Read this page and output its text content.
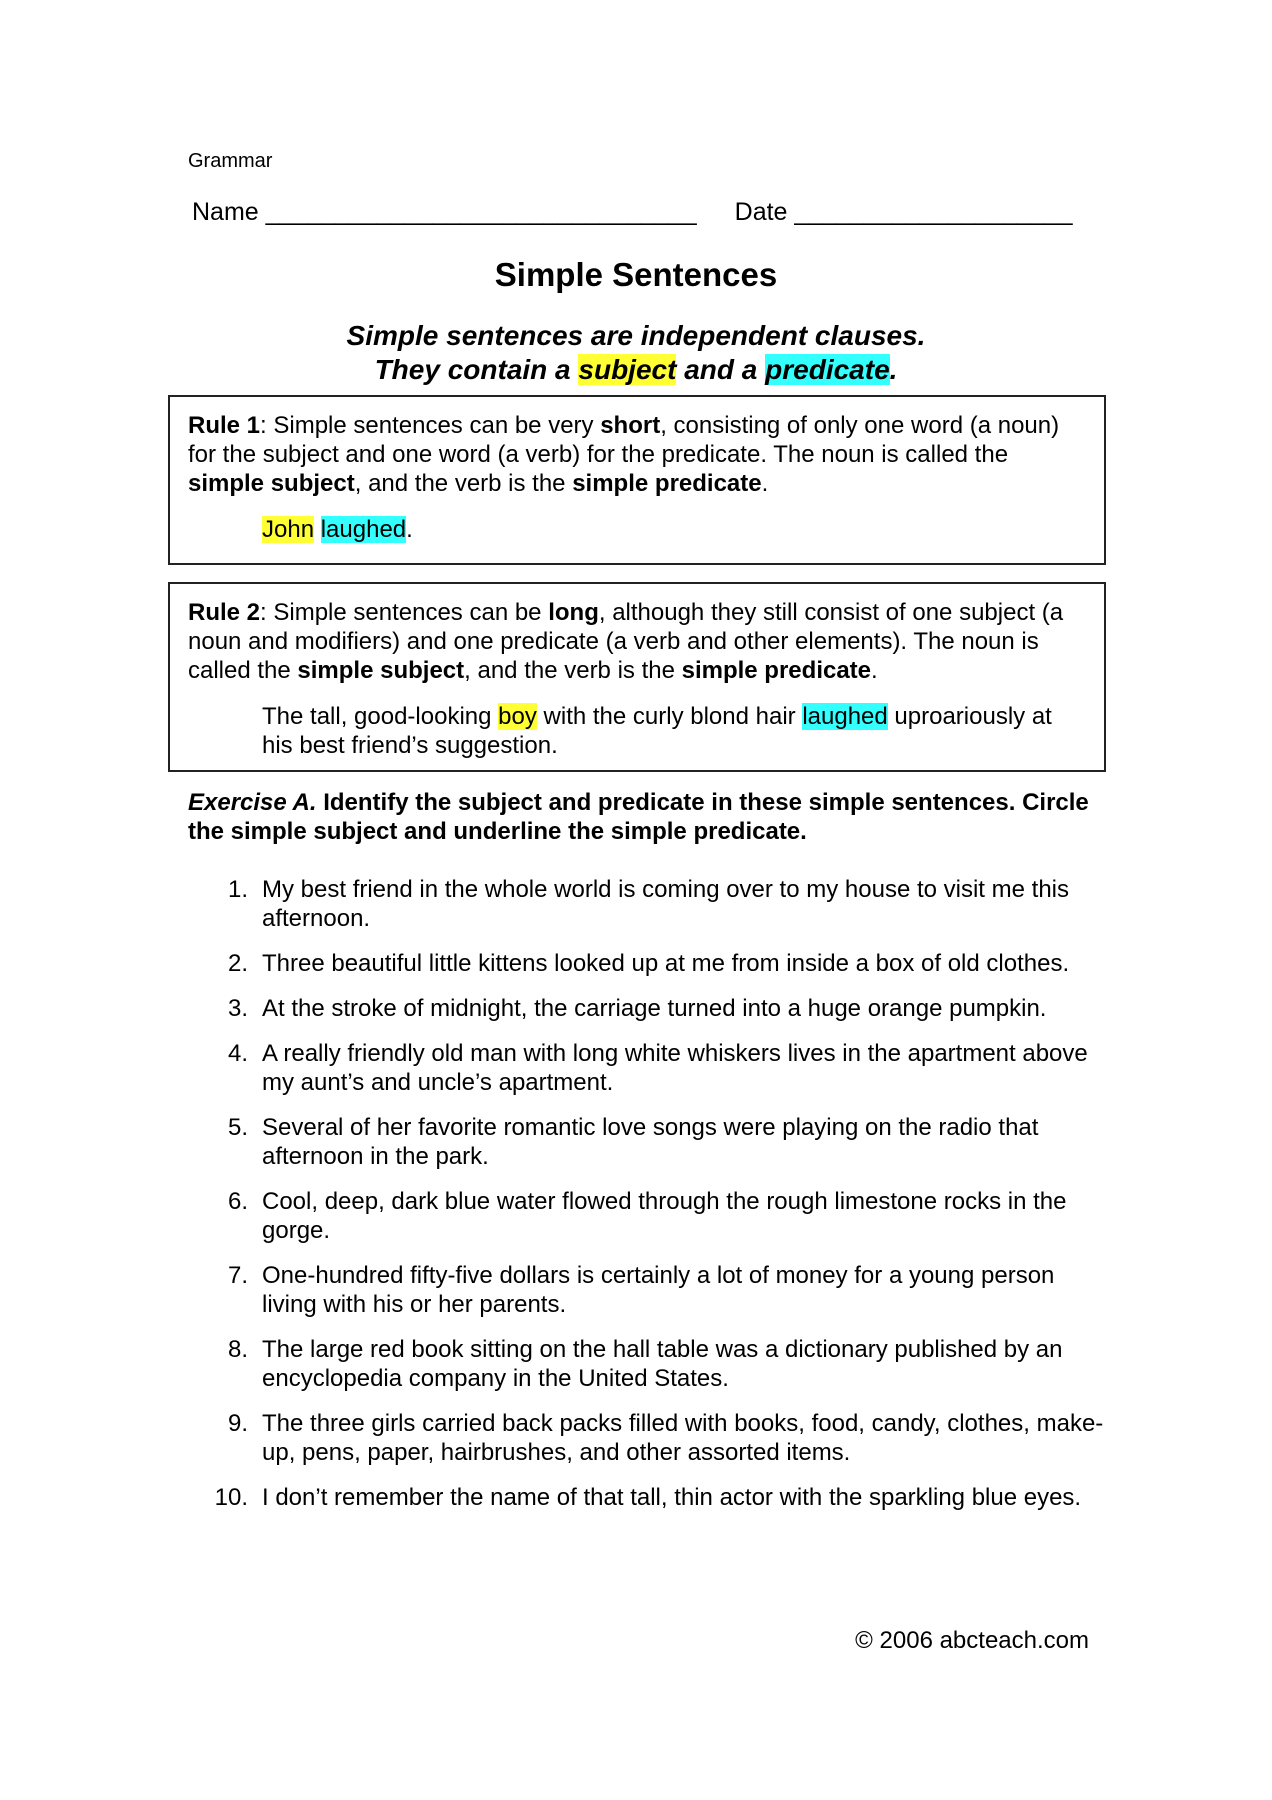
Grammar
Name _______________________________ Date ____________________
Simple Sentences
Simple sentences are independent clauses.
They contain a subject and a predicate.
Rule 1: Simple sentences can be very short, consisting of only one word (a noun) for the subject and one word (a verb) for the predicate. The noun is called the simple subject, and the verb is the simple predicate.
John laughed.
Rule 2: Simple sentences can be long, although they still consist of one subject (a noun and modifiers) and one predicate (a verb and other elements). The noun is called the simple subject, and the verb is the simple predicate.
The tall, good-looking boy with the curly blond hair laughed uproariously at his best friend’s suggestion.
Exercise A. Identify the subject and predicate in these simple sentences. Circle the simple subject and underline the simple predicate.
1. My best friend in the whole world is coming over to my house to visit me this afternoon.
2. Three beautiful little kittens looked up at me from inside a box of old clothes.
3. At the stroke of midnight, the carriage turned into a huge orange pumpkin.
4. A really friendly old man with long white whiskers lives in the apartment above my aunt’s and uncle’s apartment.
5. Several of her favorite romantic love songs were playing on the radio that afternoon in the park.
6. Cool, deep, dark blue water flowed through the rough limestone rocks in the gorge.
7. One-hundred fifty-five dollars is certainly a lot of money for a young person living with his or her parents.
8. The large red book sitting on the hall table was a dictionary published by an encyclopedia company in the United States.
9. The three girls carried back packs filled with books, food, candy, clothes, make-up, pens, paper, hairbrushes, and other assorted items.
10. I don’t remember the name of that tall, thin actor with the sparkling blue eyes.
© 2006 abcteach.com
